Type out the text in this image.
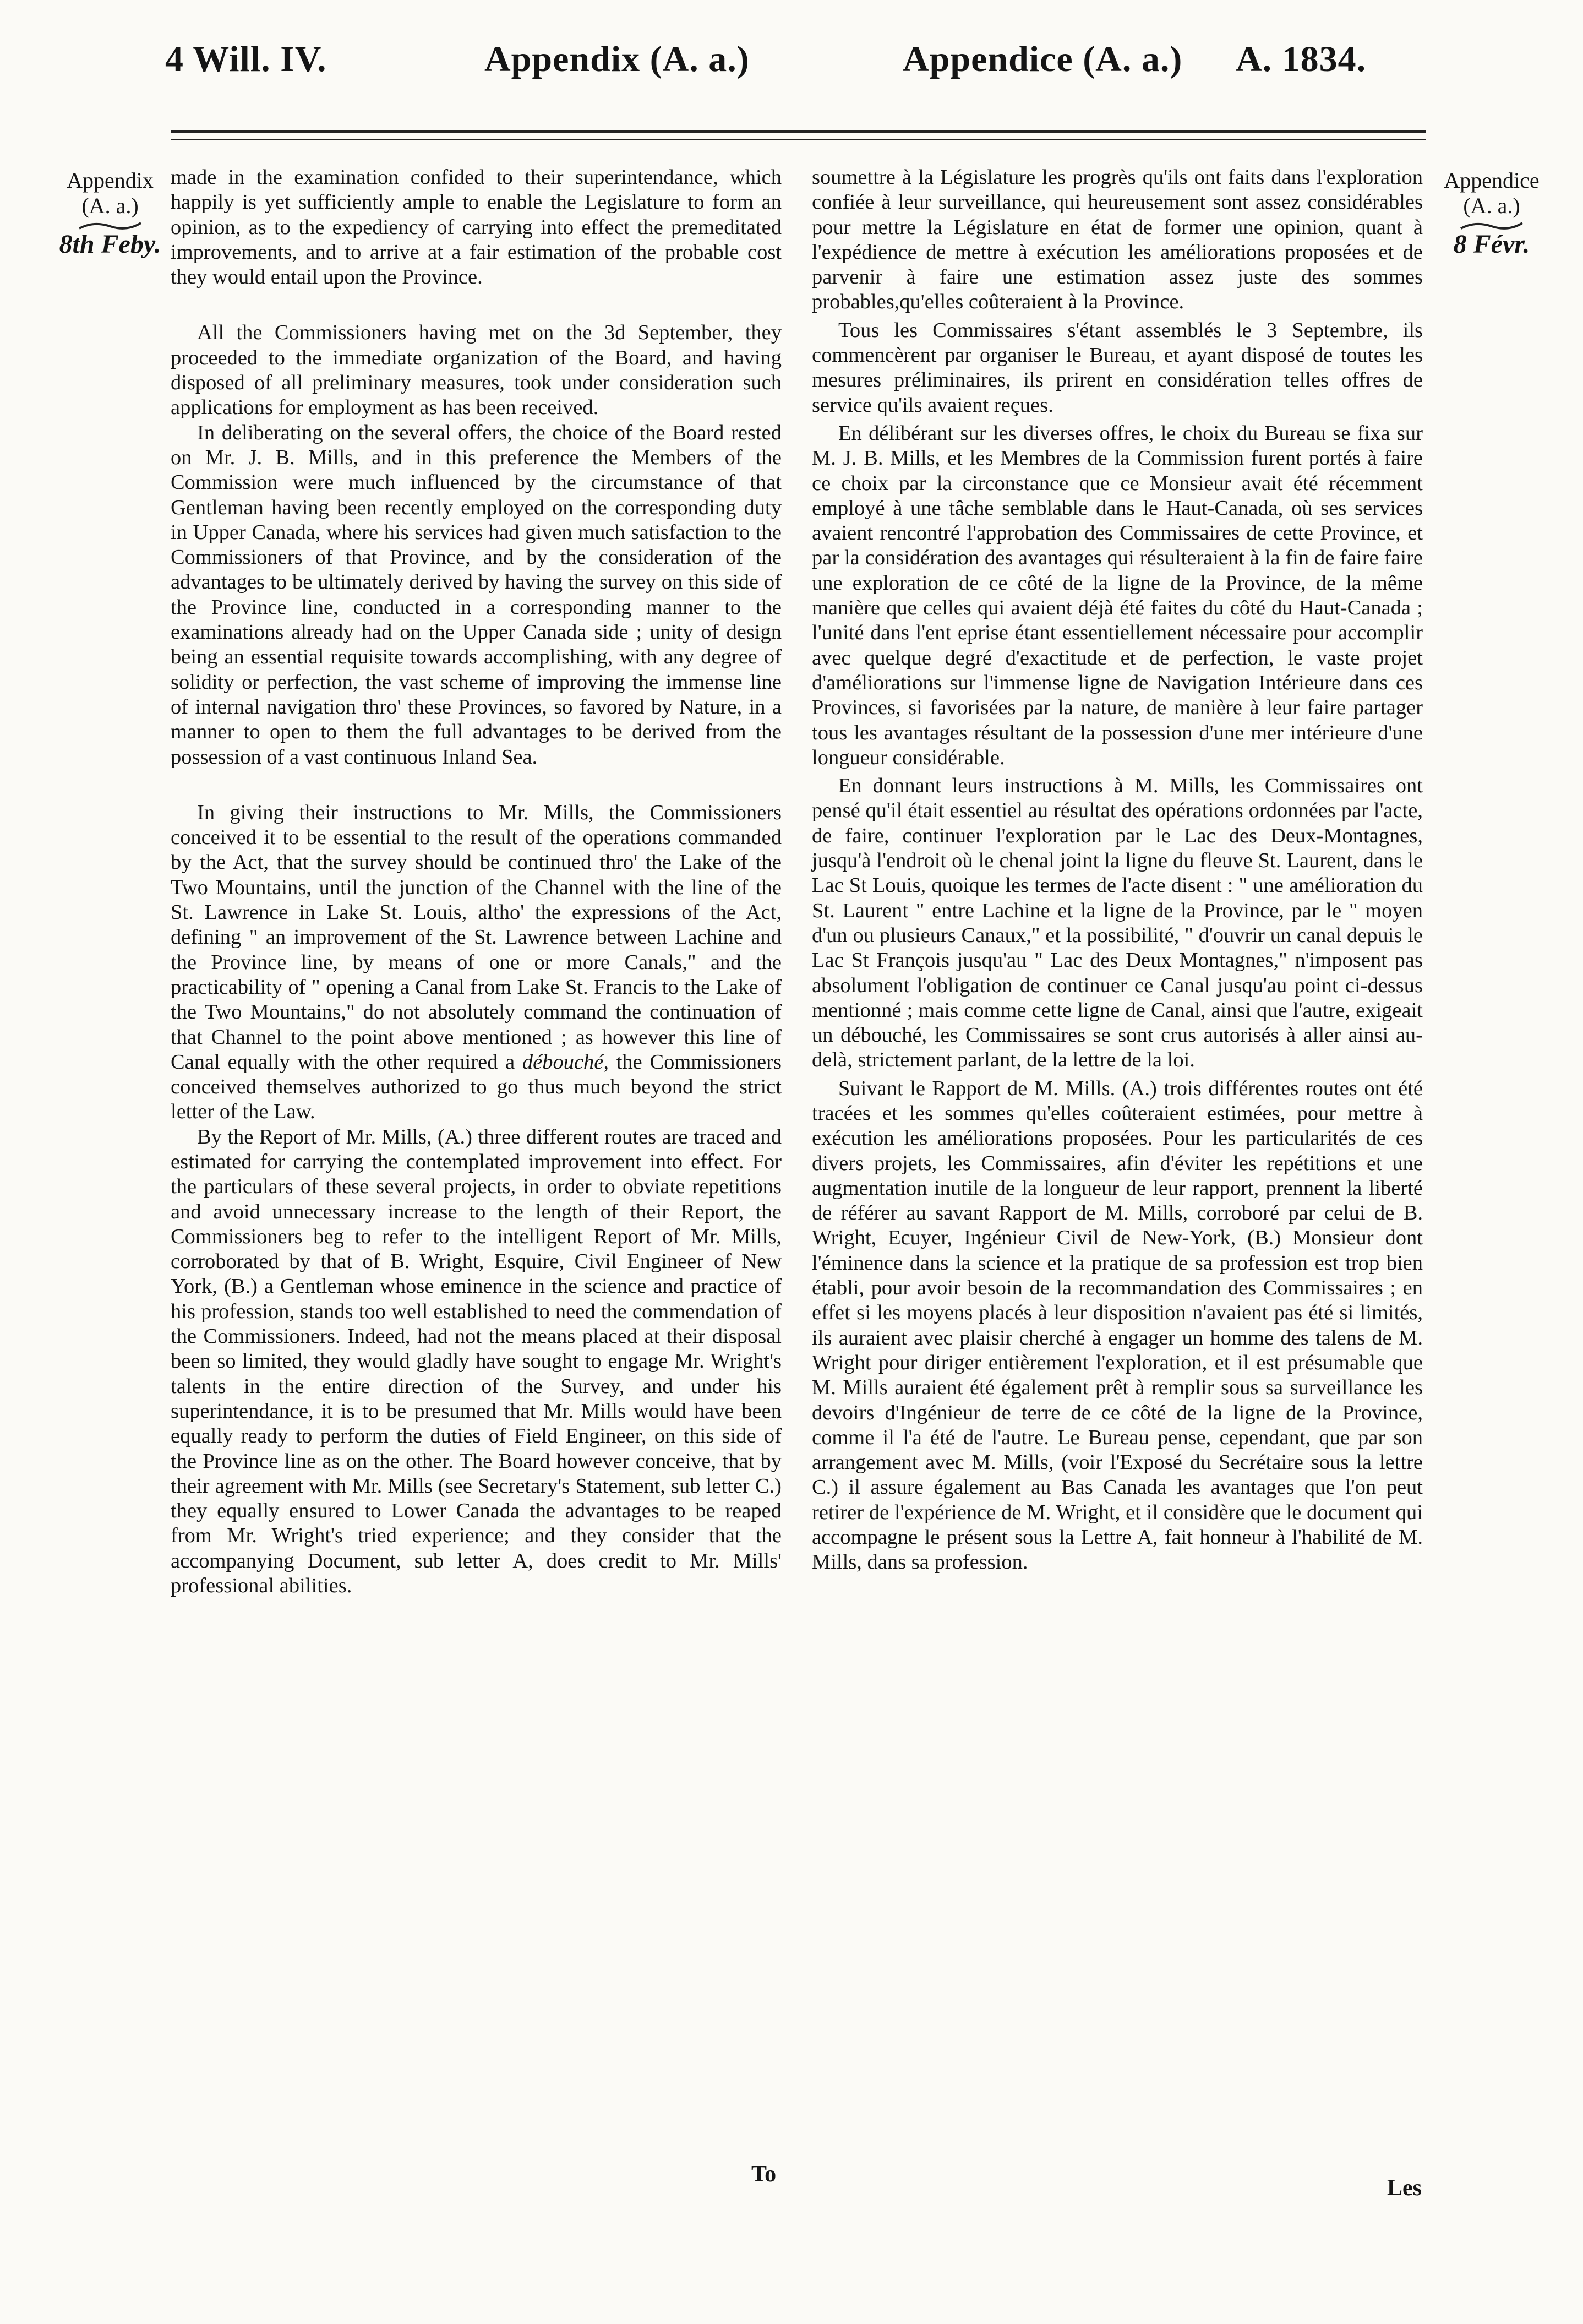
4 Will. IV.	Appendix (A. a.)	Appendice (A. a.) A. 1834.
Appendix
(A. a.)
8th Feby.
Appendice
(A. a.)
8 Févr.

made in the examination confided to their superintendance, which happily is yet sufficiently ample to enable the Legislature to form an opinion, as to the expediency of carrying into effect the premeditated improvements, and to arrive at a fair estimation of the probable cost they would entail upon the Province.

All the Commissioners having met on the 3d September, they proceeded to the immediate organization of the Board, and having disposed of all preliminary measures, took under consideration such applications for employment as has been received.

In deliberating on the several offers, the choice of the Board rested on Mr. J. B. Mills, and in this preference the Members of the Commission were much influenced by the circumstance of that Gentleman having been recently employed on the corresponding duty in Upper Canada, where his services had given much satisfaction to the Commissioners of that Province, and by the consideration of the advantages to be ultimately derived by having the survey on this side of the Province line, conducted in a corresponding manner to the examinations already had on the Upper Canada side ; unity of design being an essential requisite towards accomplishing, with any degree of solidity or perfection, the vast scheme of improving the immense line of internal navigation thro' these Provinces, so favored by Nature, in a manner to open to them the full advantages to be derived from the possession of a vast continuous Inland Sea.

In giving their instructions to Mr. Mills, the Commissioners conceived it to be essential to the result of the operations commanded by the Act, that the survey should be continued thro' the Lake of the Two Mountains, until the junction of the Channel with the line of the St. Lawrence in Lake St. Louis, altho' the expressions of the Act, defining " an improvement of the St. Lawrence between Lachine and the Province line, by means of one or more Canals," and the practicability of " opening a Canal from Lake St. Francis to the Lake of the Two Mountains," do not absolutely command the continuation of that Channel to the point above mentioned ; as however this line of Canal equally with the other required a débouché, the Commissioners conceived themselves authorized to go thus much beyond the strict letter of the Law.

By the Report of Mr. Mills, (A.) three different routes are traced and estimated for carrying the contemplated improvement into effect. For the particulars of these several projects, in order to obviate repetitions and avoid unnecessary increase to the length of their Report, the Commissioners beg to refer to the intelligent Report of Mr. Mills, corroborated by that of B. Wright, Esquire, Civil Engineer of New York, (B.) a Gentleman whose eminence in the science and practice of his profession, stands too well established to need the commendation of the Commissioners. Indeed, had not the means placed at their disposal been so limited, they would gladly have sought to engage Mr. Wright's talents in the entire direction of the Survey, and under his superintendance, it is to be presumed that Mr. Mills would have been equally ready to perform the duties of Field Engineer, on this side of the Province line as on the other. The Board however conceive, that by their agreement with Mr. Mills (see Secretary's Statement, sub letter C.) they equally ensured to Lower Canada the advantages to be reaped from Mr. Wright's tried experience; and they consider that the accompanying Document, sub letter A, does credit to Mr. Mills' professional abilities.

soumettre à la Législature les progrès qu'ils ont faits dans l'exploration confiée à leur surveillance, qui heureusement sont assez considérables pour mettre la Législature en état de former une opinion, quant à l'expédience de mettre à exécution les améliorations proposées et de parvenir à faire une estimation assez juste des sommes probables,qu'elles coûteraient à la Province.

Tous les Commissaires s'étant assemblés le 3 Septembre, ils commencèrent par organiser le Bureau, et ayant disposé de toutes les mesures préliminaires, ils prirent en considération telles offres de service qu'ils avaient reçues.

En délibérant sur les diverses offres, le choix du Bureau se fixa sur M. J. B. Mills, et les Membres de la Commission furent portés à faire ce choix par la circonstance que ce Monsieur avait été récemment employé à une tâche semblable dans le Haut-Canada, où ses services avaient rencontré l'approbation des Commissaires de cette Province, et par la considération des avantages qui résulteraient à la fin de faire faire une exploration de ce côté de la ligne de la Province, de la même manière que celles qui avaient déjà été faites du côté du Haut-Canada ; l'unité dans l'ent eprise étant essentiellement nécessaire pour accomplir avec quelque degré d'exactitude et de perfection, le vaste projet d'améliorations sur l'immense ligne de Navigation Intérieure dans ces Provinces, si favorisées par la nature, de manière à leur faire partager tous les avantages résultant de la possession d'une mer intérieure d'une longueur considérable.

En donnant leurs instructions à M. Mills, les Commissaires ont pensé qu'il était essentiel au résultat des opérations ordonnées par l'acte, de faire, continuer l'exploration par le Lac des Deux-Montagnes, jusqu'à l'endroit où le chenal joint la ligne du fleuve St. Laurent, dans le Lac St Louis, quoique les termes de l'acte disent : " une amélioration du St. Laurent " entre Lachine et la ligne de la Province, par le " moyen d'un ou plusieurs Canaux," et la possibilité, " d'ouvrir un canal depuis le Lac St François jusqu'au " Lac des Deux Montagnes," n'imposent pas absolument l'obligation de continuer ce Canal jusqu'au point ci-dessus mentionné ; mais comme cette ligne de Canal, ainsi que l'autre, exigeait un débouché, les Commissaires se sont crus autorisés à aller ainsi au-delà, strictement parlant, de la lettre de la loi.

Suivant le Rapport de M. Mills. (A.) trois différentes routes ont été tracées et les sommes qu'elles coûteraient estimées, pour mettre à exécution les améliorations proposées. Pour les particularités de ces divers projets, les Commissaires, afin d'éviter les repétitions et une augmentation inutile de la longueur de leur rapport, prennent la liberté de référer au savant Rapport de M. Mills, corroboré par celui de B. Wright, Ecuyer, Ingénieur Civil de New-York, (B.) Monsieur dont l'éminence dans la science et la pratique de sa profession est trop bien établi, pour avoir besoin de la recommandation des Commissaires ; en effet si les moyens placés à leur disposition n'avaient pas été si limités, ils auraient avec plaisir cherché à engager un homme des talens de M. Wright pour diriger entièrement l'exploration, et il est présumable que M. Mills auraient été également prêt à remplir sous sa surveillance les devoirs d'Ingénieur de terre de ce côté de la ligne de la Province, comme il l'a été de l'autre. Le Bureau pense, cependant, que par son arrangement avec M. Mills, (voir l'Exposé du Secrétaire sous la lettre C.) il assure également au Bas Canada les avantages que l'on peut retirer de l'expérience de M. Wright, et il considère que le document qui accompagne le présent sous la Lettre A, fait honneur à l'habilité de M. Mills, dans sa profession.

To
Les
